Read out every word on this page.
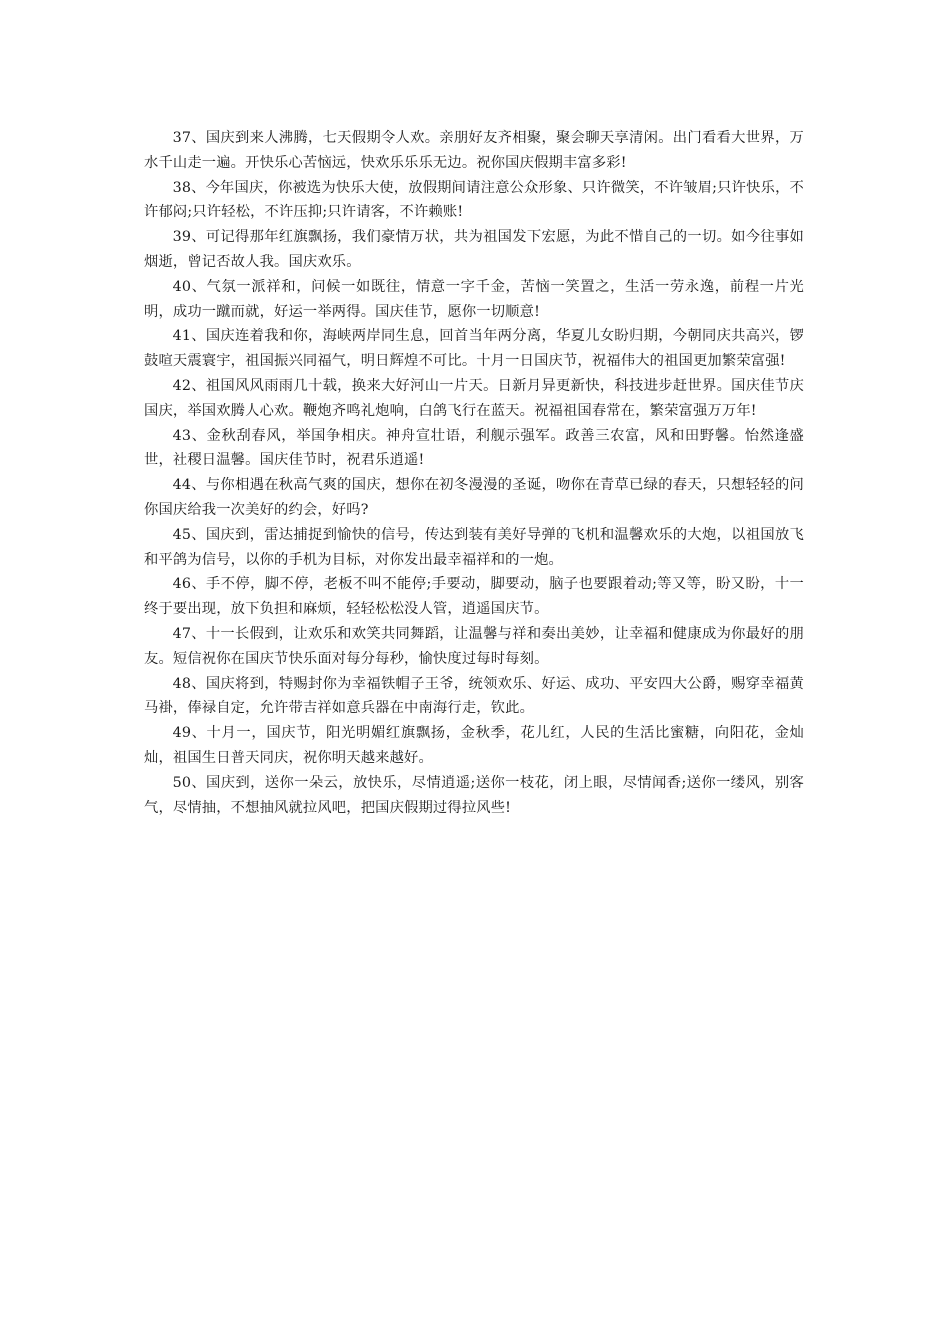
37、国庆到来人沸腾，七天假期令人欢。亲朋好友齐相聚，聚会聊天享清闲。出门看看大世界，万水千山走一遍。开快乐心苦恼远，快欢乐乐乐无边。祝你国庆假期丰富多彩!

38、今年国庆，你被选为快乐大使，放假期间请注意公众形象、只许微笑，不许皱眉;只许快乐，不许郁闷;只许轻松，不许压抑;只许请客，不许赖账!

39、可记得那年红旗飘扬，我们豪情万状，共为祖国发下宏愿，为此不惜自己的一切。如今往事如烟逝，曾记否故人我。国庆欢乐。

40、气氛一派祥和，问候一如既往，情意一字千金，苦恼一笑置之，生活一劳永逸，前程一片光明，成功一蹴而就，好运一举两得。国庆佳节，愿你一切顺意!

41、国庆连着我和你，海峡两岸同生息，回首当年两分离，华夏儿女盼归期，今朝同庆共高兴，锣鼓喧天震寰宇，祖国振兴同福气，明日辉煌不可比。十月一日国庆节，祝福伟大的祖国更加繁荣富强!

42、祖国风风雨雨几十载，换来大好河山一片天。日新月异更新快，科技进步赶世界。国庆佳节庆国庆，举国欢腾人心欢。鞭炮齐鸣礼炮响，白鸽飞行在蓝天。祝福祖国春常在，繁荣富强万万年!

43、金秋刮春风，举国争相庆。神舟宣壮语，利舰示强军。政善三农富，风和田野馨。怡然逢盛世，社稷日温馨。国庆佳节时，祝君乐逍遥!

44、与你相遇在秋高气爽的国庆，想你在初冬漫漫的圣诞，吻你在青草已绿的春天，只想轻轻的问你国庆给我一次美好的约会，好吗?

45、国庆到，雷达捕捉到愉快的信号，传达到装有美好导弹的飞机和温馨欢乐的大炮，以祖国放飞和平鸽为信号，以你的手机为目标，对你发出最幸福祥和的一炮。

46、手不停，脚不停，老板不叫不能停;手要动，脚要动，脑子也要跟着动;等又等，盼又盼，十一终于要出现，放下负担和麻烦，轻轻松松没人管，逍遥国庆节。

47、十一长假到，让欢乐和欢笑共同舞蹈，让温馨与祥和奏出美妙，让幸福和健康成为你最好的朋友。短信祝你在国庆节快乐面对每分每秒，愉快度过每时每刻。

48、国庆将到，特赐封你为幸福铁帽子王爷，统领欢乐、好运、成功、平安四大公爵，赐穿幸福黄马褂，俸禄自定，允许带吉祥如意兵器在中南海行走，钦此。

49、十月一，国庆节，阳光明媚红旗飘扬，金秋季，花儿红，人民的生活比蜜糖，向阳花，金灿灿，祖国生日普天同庆，祝你明天越来越好。

50、国庆到，送你一朵云，放快乐，尽情逍遥;送你一枝花，闭上眼，尽情闻香;送你一缕风，别客气，尽情抽，不想抽风就拉风吧，把国庆假期过得拉风些!
